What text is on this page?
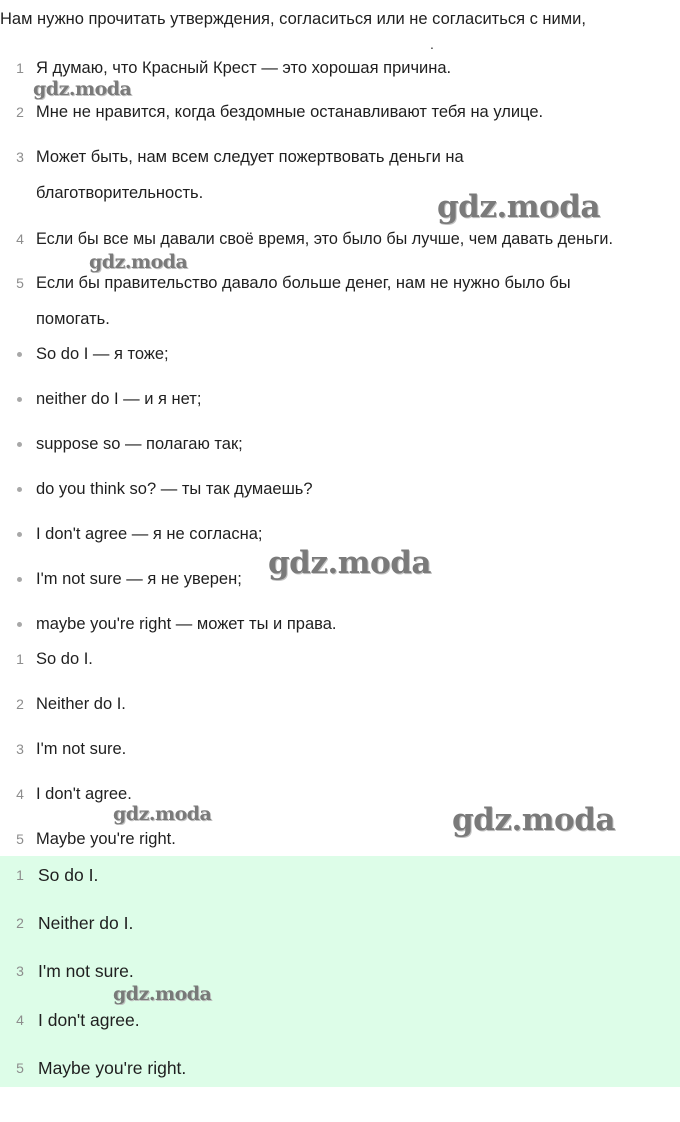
Нам нужно прочитать утверждения, согласиться или не согласиться с ними,
.
1 Я думаю, что Красный Крест — это хорошая причина.
2 Мне не нравится, когда бездомные останавливают тебя на улице.
3 Может быть, нам всем следует пожертвовать деньги на
благотворительность.
4 Если бы все мы давали своё время, это было бы лучше, чем давать деньги.
5 Если бы правительство давало больше денег, нам не нужно было бы
помогать.
So do I — я тоже;
neither do I — и я нет;
suppose so — полагаю так;
do you think so? — ты так думаешь?
I don't agree — я не согласна;
I'm not sure — я не уверен;
maybe you're right — может ты и права.
1 So do I.
2 Neither do I.
3 I'm not sure.
4 I don't agree.
5 Maybe you're right.
1 So do I.
2 Neither do I.
3 I'm not sure.
4 I don't agree.
5 Maybe you're right.
gdz.moda
gdz.moda
gdz.moda
gdz.moda
gdz.moda	gdz.moda
gdz.moda
